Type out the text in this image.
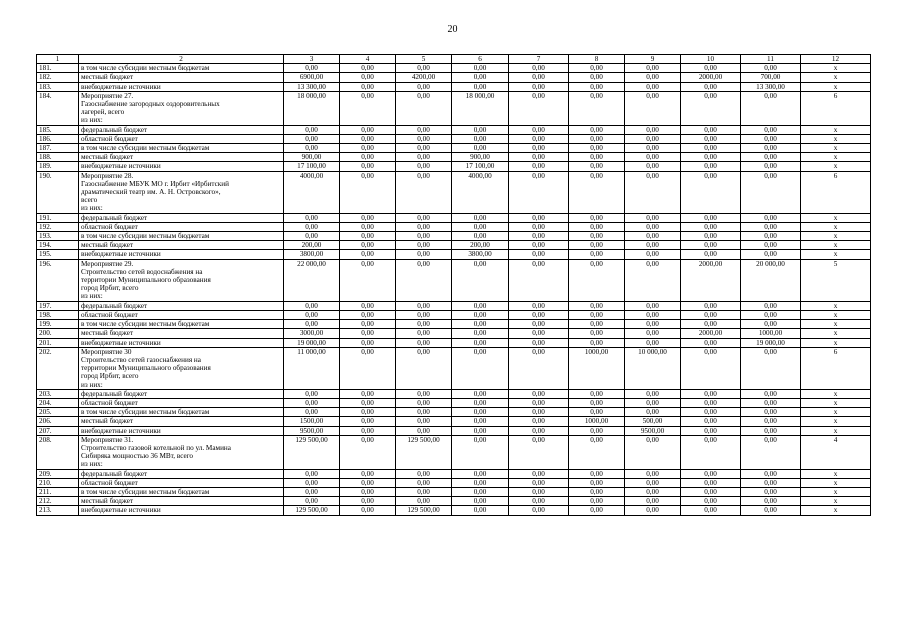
20
1	2	3	4	5	6	7	8	9	10	11	12
181.	в том числе субсидии местным бюджетам	0,00	0,00	0,00	0,00	0,00	0,00	0,00	0,00	0,00	x
182.	местный бюджет	6900,00	0,00	4200,00	0,00	0,00	0,00	0,00	2000,00	700,00	x
183.	внебюджетные источники	13 300,00	0,00	0,00	0,00	0,00	0,00	0,00	0,00	13 300,00	x
184.	Мероприятие 27.
Газоснабжение загородных оздоровительных
лагерей, всего
из них:	18 000,00	0,00	0,00	18 000,00	0,00	0,00	0,00	0,00	0,00	6
185.	федеральный бюджет	0,00	0,00	0,00	0,00	0,00	0,00	0,00	0,00	0,00	x
186.	областной бюджет	0,00	0,00	0,00	0,00	0,00	0,00	0,00	0,00	0,00	x
187.	в том числе субсидии местным бюджетам	0,00	0,00	0,00	0,00	0,00	0,00	0,00	0,00	0,00	x
188.	местный бюджет	900,00	0,00	0,00	900,00	0,00	0,00	0,00	0,00	0,00	x
189.	внебюджетные источники	17 100,00	0,00	0,00	17 100,00	0,00	0,00	0,00	0,00	0,00	x
190.	Мероприятие 28.
Газоснабжение МБУК МО г. Ирбит «Ирбитский
драматический театр им. А. Н. Островского»,
всего
из них:	4000,00	0,00	0,00	4000,00	0,00	0,00	0,00	0,00	0,00	6
191.	федеральный бюджет	0,00	0,00	0,00	0,00	0,00	0,00	0,00	0,00	0,00	x
192.	областной бюджет	0,00	0,00	0,00	0,00	0,00	0,00	0,00	0,00	0,00	x
193.	в том числе субсидии местным бюджетам	0,00	0,00	0,00	0,00	0,00	0,00	0,00	0,00	0,00	x
194.	местный бюджет	200,00	0,00	0,00	200,00	0,00	0,00	0,00	0,00	0,00	x
195.	внебюджетные источники	3800,00	0,00	0,00	3800,00	0,00	0,00	0,00	0,00	0,00	x
196.	Мероприятие 29.
Строительство сетей водоснабжения на
территории Муниципального образования
город Ирбит, всего
из них:	22 000,00	0,00	0,00	0,00	0,00	0,00	0,00	2000,00	20 000,00	5
197.	федеральный бюджет	0,00	0,00	0,00	0,00	0,00	0,00	0,00	0,00	0,00	x
198.	областной бюджет	0,00	0,00	0,00	0,00	0,00	0,00	0,00	0,00	0,00	x
199.	в том числе субсидии местным бюджетам	0,00	0,00	0,00	0,00	0,00	0,00	0,00	0,00	0,00	x
200.	местный бюджет	3000,00	0,00	0,00	0,00	0,00	0,00	0,00	2000,00	1000,00	x
201.	внебюджетные источники	19 000,00	0,00	0,00	0,00	0,00	0,00	0,00	0,00	19 000,00	x
202.	Мероприятие 30
Строительство сетей газоснабжения на
территории Муниципального образования
город Ирбит, всего
из них:	11 000,00	0,00	0,00	0,00	0,00	1000,00	10 000,00	0,00	0,00	6
203.	федеральный бюджет	0,00	0,00	0,00	0,00	0,00	0,00	0,00	0,00	0,00	x
204.	областной бюджет	0,00	0,00	0,00	0,00	0,00	0,00	0,00	0,00	0,00	x
205.	в том числе субсидии местным бюджетам	0,00	0,00	0,00	0,00	0,00	0,00	0,00	0,00	0,00	x
206.	местный бюджет	1500,00	0,00	0,00	0,00	0,00	1000,00	500,00	0,00	0,00	x
207.	внебюджетные источники	9500,00	0,00	0,00	0,00	0,00	0,00	9500,00	0,00	0,00	x
208.	Мероприятие 31.
Строительство газовой котельной по ул. Мамина
Сибиряка мощностью 36 МВт, всего
из них:	129 500,00	0,00	129 500,00	0,00	0,00	0,00	0,00	0,00	0,00	4
209.	федеральный бюджет	0,00	0,00	0,00	0,00	0,00	0,00	0,00	0,00	0,00	x
210.	областной бюджет	0,00	0,00	0,00	0,00	0,00	0,00	0,00	0,00	0,00	x
211.	в том числе субсидии местным бюджетам	0,00	0,00	0,00	0,00	0,00	0,00	0,00	0,00	0,00	x
212.	местный бюджет	0,00	0,00	0,00	0,00	0,00	0,00	0,00	0,00	0,00	x
213.	внебюджетные источники	129 500,00	0,00	129 500,00	0,00	0,00	0,00	0,00	0,00	0,00	x
